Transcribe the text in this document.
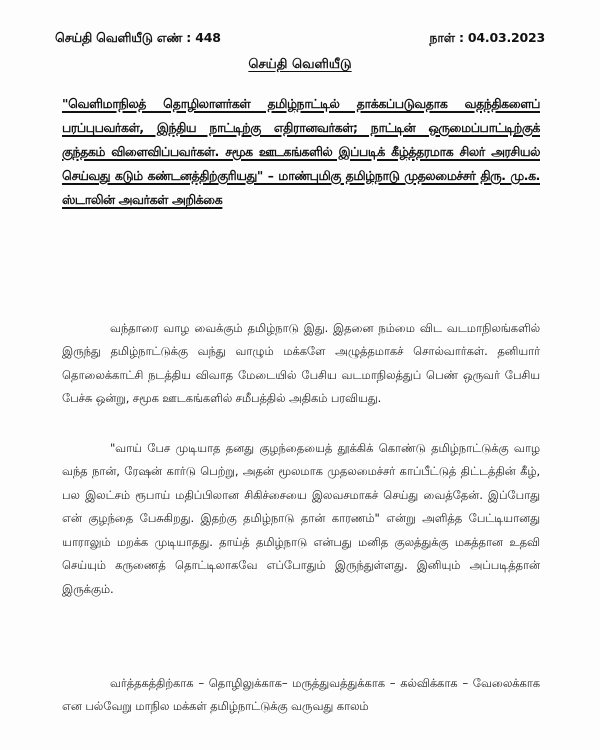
செய்தி வெளியீடு எண் : 448	நாள் : 04.03.2023
செய்தி வெளியீடு
"வெளிமாநிலத் தொழிலாளர்கள் தமிழ்நாட்டில் தாக்கப்படுவதாக வதந்திகளைப் பரப்புபவர்கள், இந்திய நாட்டிற்கு எதிரானவர்கள்; நாட்டின் ஒருமைப்பாட்டிற்குக் குந்தகம் விளைவிப்பவர்கள். சமூக ஊடகங்களில் இப்படிக் கீழ்த்தரமாக சிலர் அரசியல் செய்வது கடும் கண்டனத்திற்குரியது" – மாண்புமிகு தமிழ்நாடு முதலமைச்சர் திரு. மு.க. ஸ்டாலின் அவர்கள் அறிக்கை

வந்தாரை வாழ வைக்கும் தமிழ்நாடு இது. இதனை நம்மை விட வடமாநிலங்களில் இருந்து தமிழ்நாட்டுக்கு வந்து வாழும் மக்களே அழுத்தமாகச் சொல்வார்கள். தனியார் தொலைக்காட்சி நடத்திய விவாத மேடையில் பேசிய வடமாநிலத்துப் பெண் ஒருவர் பேசிய பேச்சு ஒன்று, சமூக ஊடகங்களில் சமீபத்தில் அதிகம் பரவியது.

"வாய் பேச முடியாத தனது குழந்தையைத் தூக்கிக் கொண்டு தமிழ்நாட்டுக்கு வாழ வந்த நான், ரேஷன் கார்டு பெற்று, அதன் மூலமாக முதலமைச்சர் காப்பீட்டுத் திட்டத்தின் கீழ், பல இலட்சம் ரூபாய் மதிப்பிலான சிகிச்சையை இலவசமாகச் செய்து வைத்தேன். இப்போது என் குழந்தை பேசுகிறது. இதற்கு தமிழ்நாடு தான் காரணம்" என்று அளித்த பேட்டியானது யாராலும் மறக்க முடியாதது. தாய்த் தமிழ்நாடு என்பது மனித குலத்துக்கு மகத்தான உதவி செய்யும் கருணைத் தொட்டிலாகவே எப்போதும் இருந்துள்ளது. இனியும் அப்படித்தான் இருக்கும்.

வர்த்தகத்திற்காக – தொழிலுக்காக– மருத்துவத்துக்காக – கல்விக்காக – வேலைக்காக என பல்வேறு மாநில மக்கள் தமிழ்நாட்டுக்கு வருவது காலம்
